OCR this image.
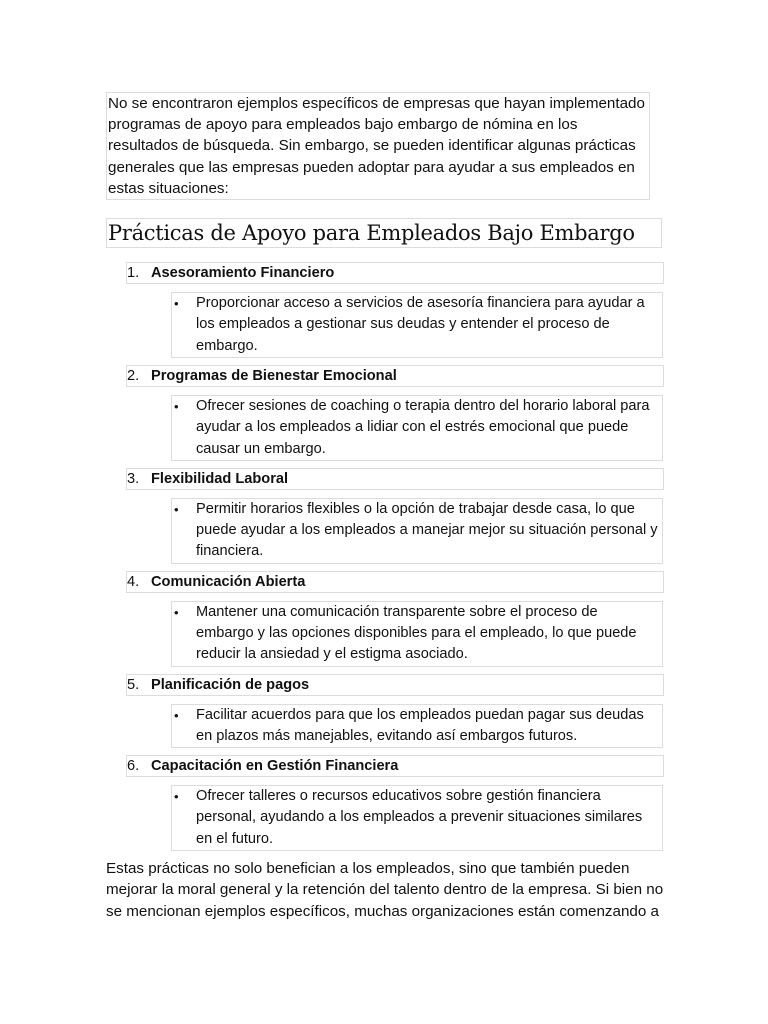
No se encontraron ejemplos específicos de empresas que hayan implementado programas de apoyo para empleados bajo embargo de nómina en los resultados de búsqueda. Sin embargo, se pueden identificar algunas prácticas generales que las empresas pueden adoptar para ayudar a sus empleados en estas situaciones:

Prácticas de Apoyo para Empleados Bajo Embargo
1. Asesoramiento Financiero
• Proporcionar acceso a servicios de asesoría financiera para ayudar a los empleados a gestionar sus deudas y entender el proceso de embargo.
2. Programas de Bienestar Emocional
• Ofrecer sesiones de coaching o terapia dentro del horario laboral para ayudar a los empleados a lidiar con el estrés emocional que puede causar un embargo.
3. Flexibilidad Laboral
• Permitir horarios flexibles o la opción de trabajar desde casa, lo que puede ayudar a los empleados a manejar mejor su situación personal y financiera.
4. Comunicación Abierta
• Mantener una comunicación transparente sobre el proceso de embargo y las opciones disponibles para el empleado, lo que puede reducir la ansiedad y el estigma asociado.
5. Planificación de pagos
• Facilitar acuerdos para que los empleados puedan pagar sus deudas en plazos más manejables, evitando así embargos futuros.
6. Capacitación en Gestión Financiera
• Ofrecer talleres o recursos educativos sobre gestión financiera personal, ayudando a los empleados a prevenir situaciones similares en el futuro.

Estas prácticas no solo benefician a los empleados, sino que también pueden mejorar la moral general y la retención del talento dentro de la empresa. Si bien no se mencionan ejemplos específicos, muchas organizaciones están comenzando a
